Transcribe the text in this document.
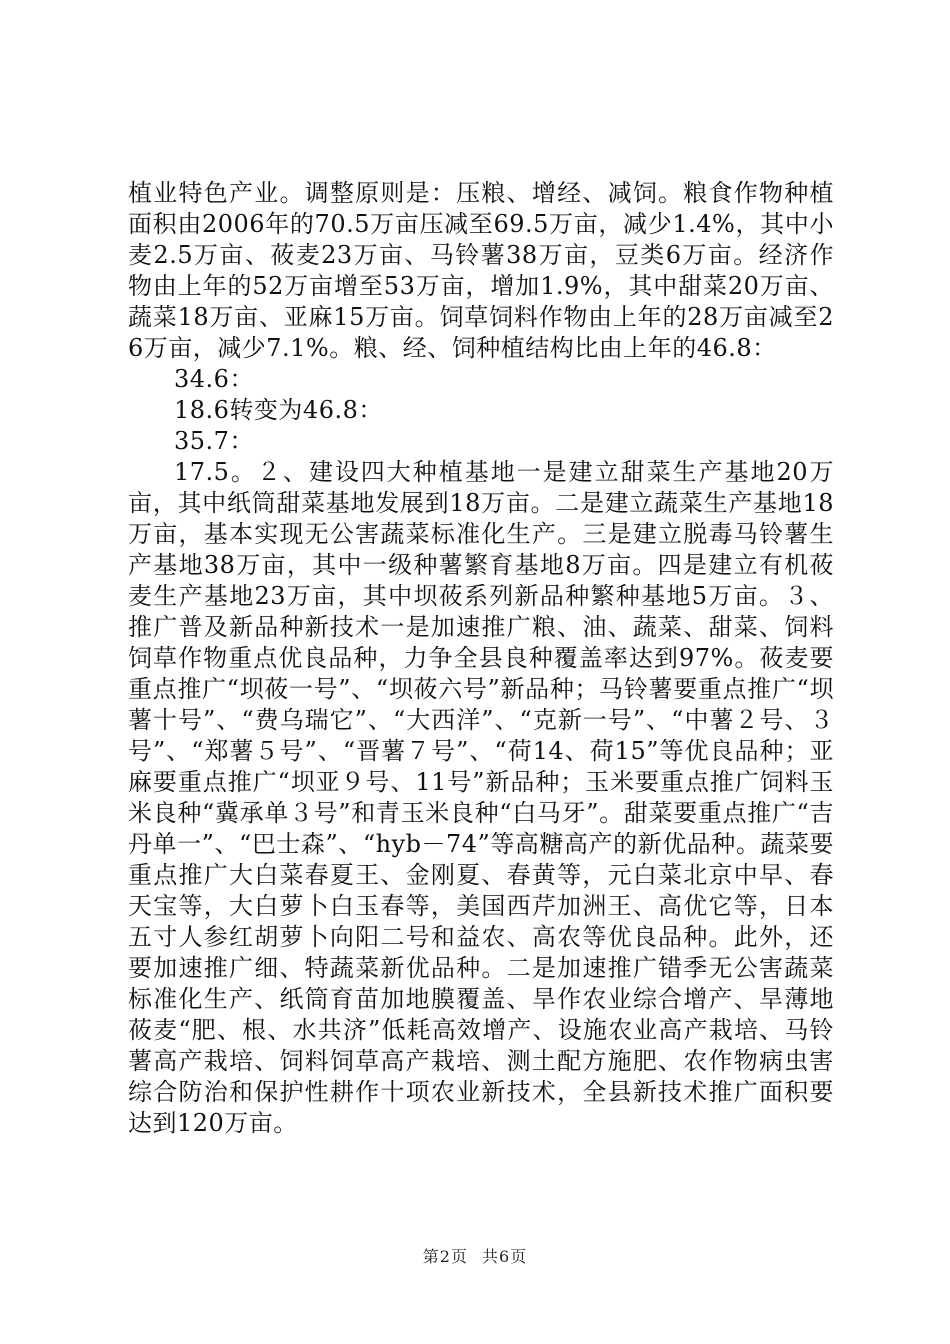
植业特色产业。调整原则是：压粮、增经、减饲。粮食作物种植面积由2006年的70.5万亩压减至69.5万亩，减少1.4%，其中小麦2.5万亩、莜麦23万亩、马铃薯38万亩，豆类6万亩。经济作物由上年的52万亩增至53万亩，增加1.9%，其中甜菜20万亩、蔬菜18万亩、亚麻15万亩。饲草饲料作物由上年的28万亩减至26万亩，减少7.1%。粮、经、饲种植结构比由上年的46.8：

34.6：

18.6转变为46.8：

35.7：

17.5。２、建设四大种植基地一是建立甜菜生产基地20万亩，其中纸筒甜菜基地发展到18万亩。二是建立蔬菜生产基地18万亩，基本实现无公害蔬菜标准化生产。三是建立脱毒马铃薯生产基地38万亩，其中一级种薯繁育基地8万亩。四是建立有机莜麦生产基地23万亩，其中坝莜系列新品种繁种基地5万亩。３、推广普及新品种新技术一是加速推广粮、油、蔬菜、甜菜、饲料饲草作物重点优良品种，力争全县良种覆盖率达到97%。莜麦要重点推广“坝莜一号”、“坝莜六号”新品种；马铃薯要重点推广“坝薯十号”、“费乌瑞它”、“大西洋”、“克新一号”、“中薯２号、３号”、“郑薯５号”、“晋薯７号”、“荷14、荷15”等优良品种；亚麻要重点推广“坝亚９号、11号”新品种；玉米要重点推广饲料玉米良种“冀承单３号”和青玉米良种“白马牙”。甜菜要重点推广“吉丹单一”、“巴士森”、“hyb－74”等高糖高产的新优品种。蔬菜要重点推广大白菜春夏王、金刚夏、春黄等，元白菜北京中早、春天宝等，大白萝卜白玉春等，美国西芹加洲王、高优它等，日本五寸人参红胡萝卜向阳二号和益农、高农等优良品种。此外，还要加速推广细、特蔬菜新优品种。二是加速推广错季无公害蔬菜标准化生产、纸筒育苗加地膜覆盖、旱作农业综合增产、旱薄地莜麦“肥、根、水共济”低耗高效增产、设施农业高产栽培、马铃薯高产栽培、饲料饲草高产栽培、测土配方施肥、农作物病虫害综合防治和保护性耕作十项农业新技术，全县新技术推广面积要达到120万亩。

第2页 共6页
